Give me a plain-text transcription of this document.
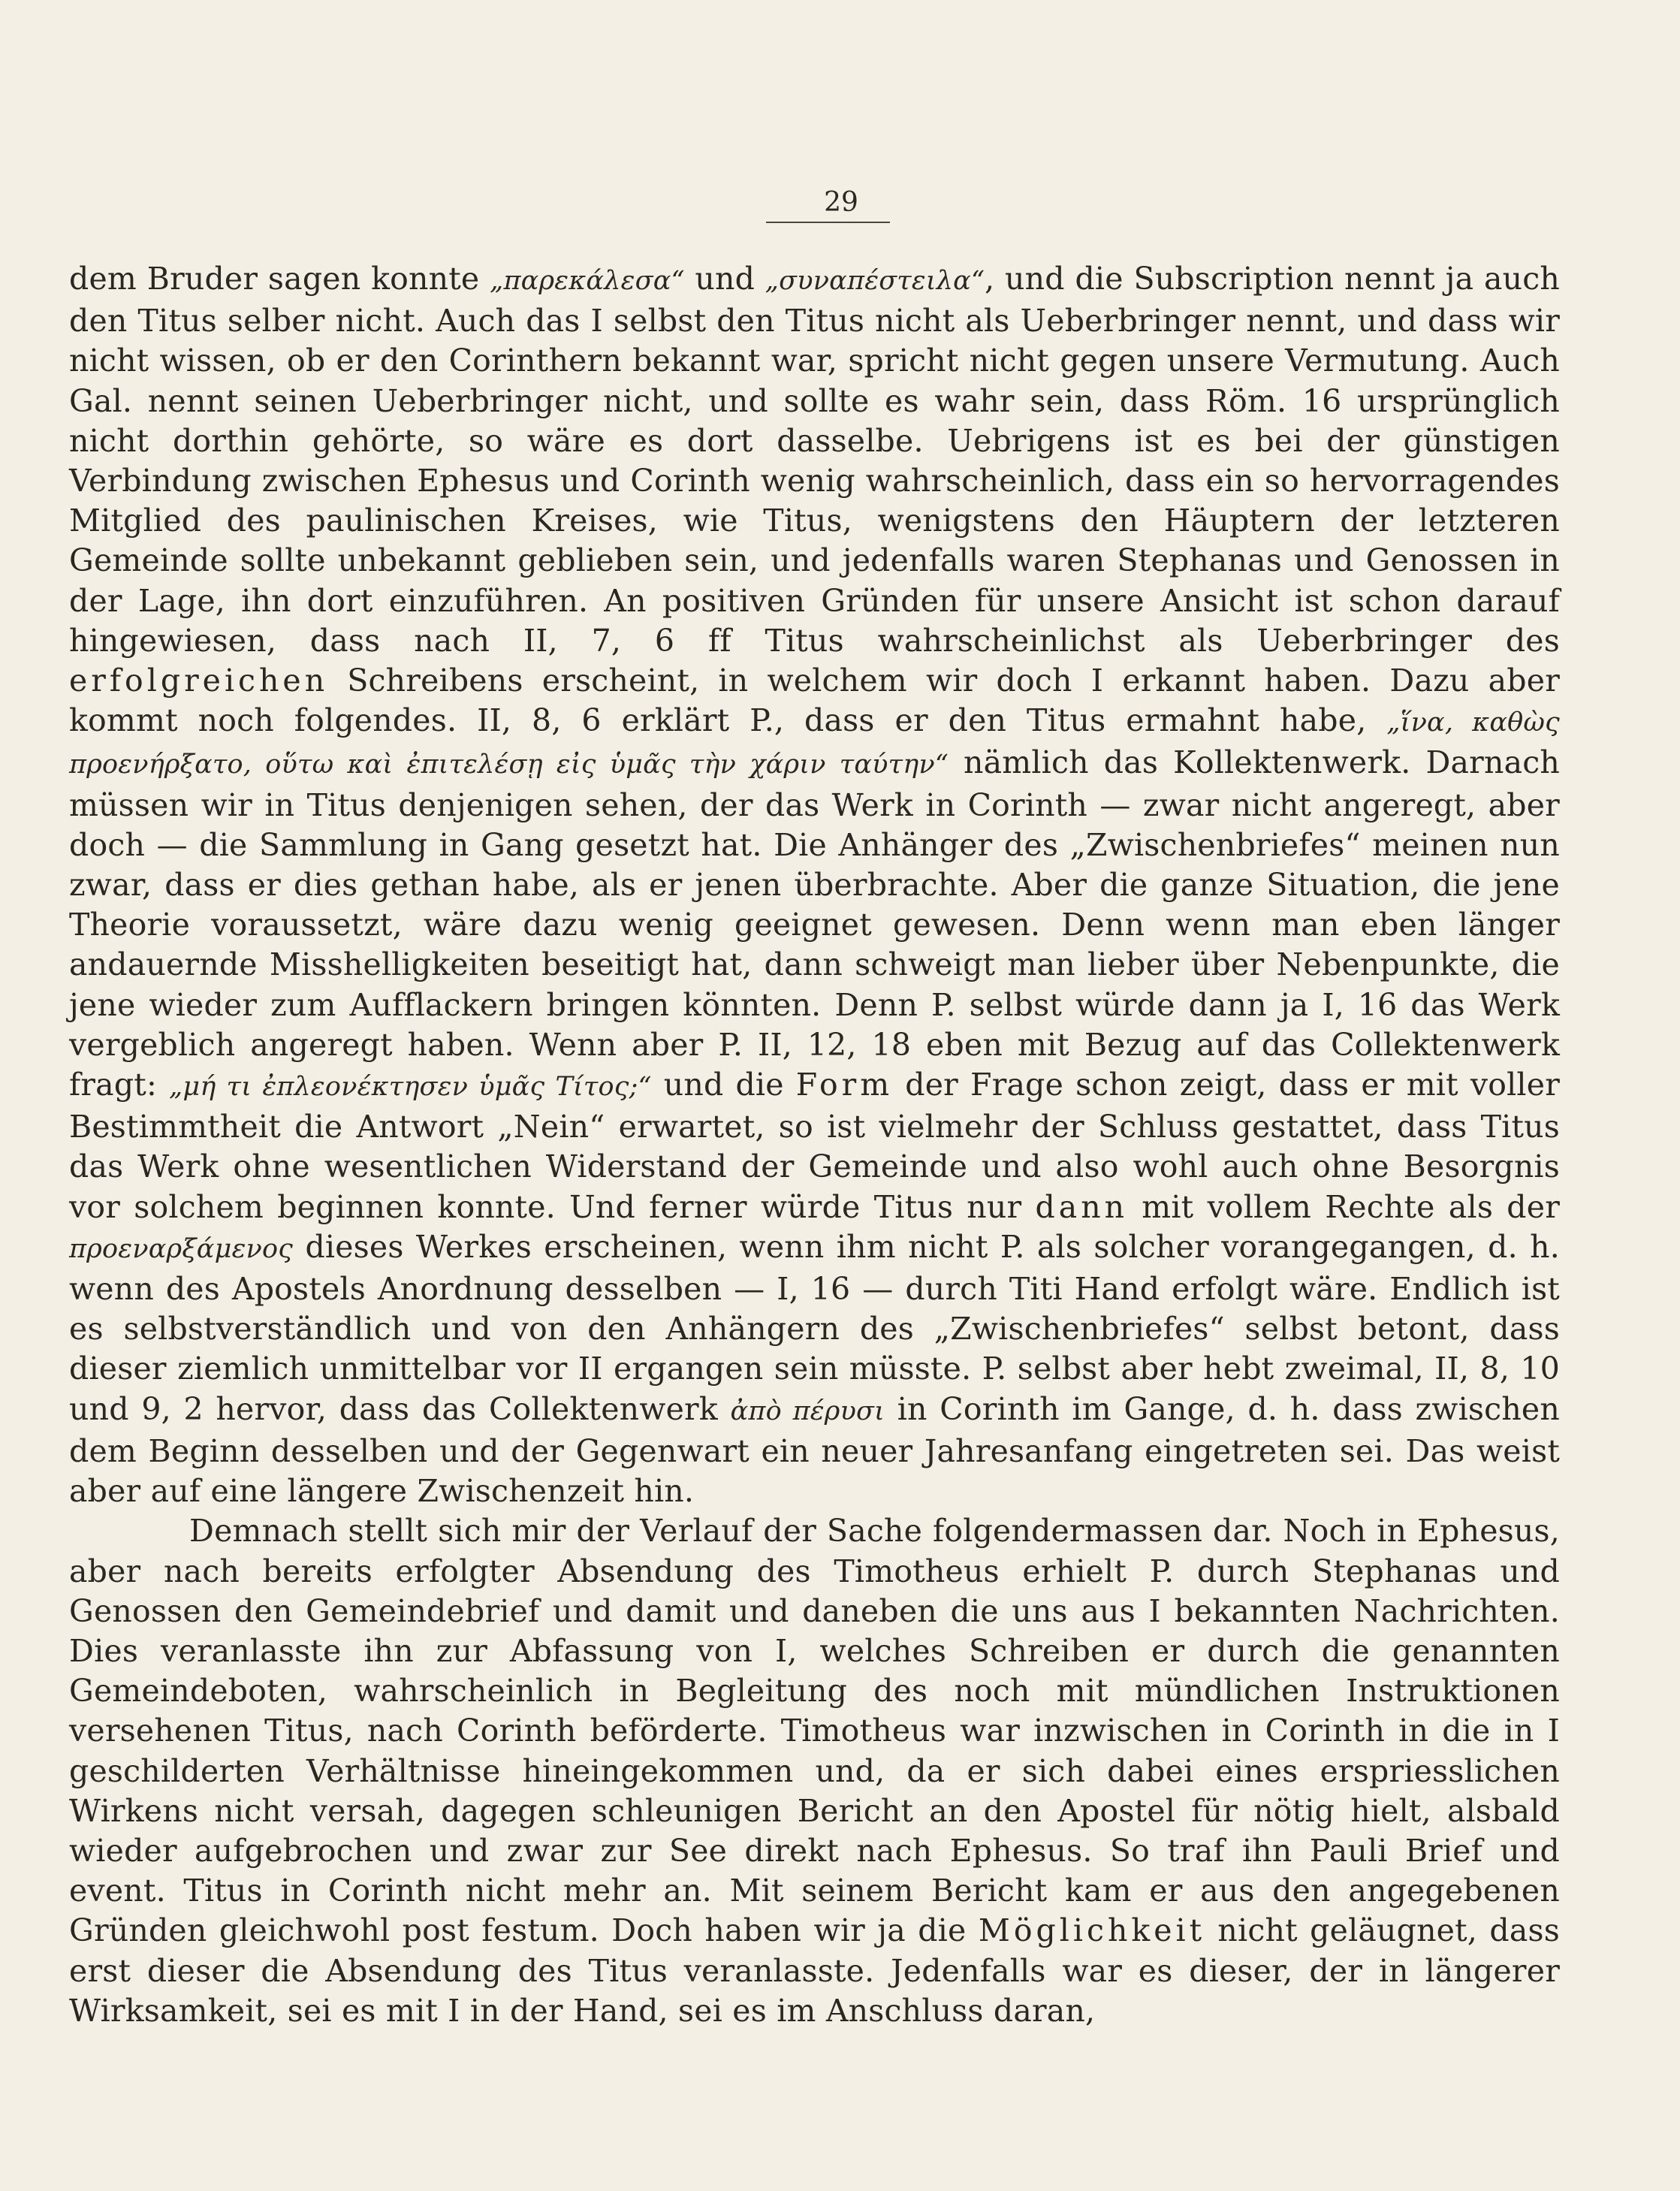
29

dem Bruder sagen konnte „παρεκάλεσα“ und „συναπέστειλα“, und die Subscription nennt ja auch den Titus selber nicht. Auch das I selbst den Titus nicht als Ueberbringer nennt, und dass wir nicht wissen, ob er den Corinthern bekannt war, spricht nicht gegen unsere Vermutung. Auch Gal. nennt seinen Ueberbringer nicht, und sollte es wahr sein, dass Röm. 16 ursprünglich nicht dorthin gehörte, so wäre es dort dasselbe. Uebrigens ist es bei der günstigen Verbindung zwischen Ephesus und Corinth wenig wahrscheinlich, dass ein so hervorragendes Mitglied des paulinischen Kreises, wie Titus, wenigstens den Häuptern der letzteren Gemeinde sollte unbekannt geblieben sein, und jedenfalls waren Stephanas und Genossen in der Lage, ihn dort einzuführen. An positiven Gründen für unsere Ansicht ist schon darauf hingewiesen, dass nach II, 7, 6 ff Titus wahrscheinlichst als Ueberbringer des erfolgreichen Schreibens erscheint, in welchem wir doch I erkannt haben. Dazu aber kommt noch folgendes. II, 8, 6 erklärt P., dass er den Titus ermahnt habe, „ἵνα, καθὼς προενήρξατο, οὕτω καὶ ἐπιτελέσῃ εἰς ὑμᾶς τὴν χάριν ταύτην“ nämlich das Kollektenwerk. Darnach müssen wir in Titus denjenigen sehen, der das Werk in Corinth — zwar nicht angeregt, aber doch — die Sammlung in Gang gesetzt hat. Die Anhänger des „Zwischenbriefes“ meinen nun zwar, dass er dies gethan habe, als er jenen überbrachte. Aber die ganze Situation, die jene Theorie voraussetzt, wäre dazu wenig geeignet gewesen. Denn wenn man eben länger andauernde Misshelligkeiten beseitigt hat, dann schweigt man lieber über Nebenpunkte, die jene wieder zum Aufflackern bringen könnten. Denn P. selbst würde dann ja I, 16 das Werk vergeblich angeregt haben. Wenn aber P. II, 12, 18 eben mit Bezug auf das Collektenwerk fragt: „μή τι ἐπλεονέκτησεν ὑμᾶς Τίτος;“ und die Form der Frage schon zeigt, dass er mit voller Bestimmtheit die Antwort „Nein“ erwartet, so ist vielmehr der Schluss gestattet, dass Titus das Werk ohne wesentlichen Widerstand der Gemeinde und also wohl auch ohne Besorgnis vor solchem beginnen konnte. Und ferner würde Titus nur dann mit vollem Rechte als der προεναρξάμενος dieses Werkes erscheinen, wenn ihm nicht P. als solcher vorangegangen, d. h. wenn des Apostels Anordnung desselben — I, 16 — durch Titi Hand erfolgt wäre. Endlich ist es selbstverständlich und von den Anhängern des „Zwischenbriefes“ selbst betont, dass dieser ziemlich unmittelbar vor II ergangen sein müsste. P. selbst aber hebt zweimal, II, 8, 10 und 9, 2 hervor, dass das Collektenwerk ἀπὸ πέρυσι in Corinth im Gange, d. h. dass zwischen dem Beginn desselben und der Gegenwart ein neuer Jahresanfang eingetreten sei. Das weist aber auf eine längere Zwischenzeit hin.

Demnach stellt sich mir der Verlauf der Sache folgendermassen dar. Noch in Ephesus, aber nach bereits erfolgter Absendung des Timotheus erhielt P. durch Stephanas und Genossen den Gemeindebrief und damit und daneben die uns aus I bekannten Nachrichten. Dies veranlasste ihn zur Abfassung von I, welches Schreiben er durch die genannten Gemeindeboten, wahrscheinlich in Begleitung des noch mit mündlichen Instruktionen versehenen Titus, nach Corinth beförderte. Timotheus war inzwischen in Corinth in die in I geschilderten Verhältnisse hineingekommen und, da er sich dabei eines erspriesslichen Wirkens nicht versah, dagegen schleunigen Bericht an den Apostel für nötig hielt, alsbald wieder aufgebrochen und zwar zur See direkt nach Ephesus. So traf ihn Pauli Brief und event. Titus in Corinth nicht mehr an. Mit seinem Bericht kam er aus den angegebenen Gründen gleichwohl post festum. Doch haben wir ja die Möglichkeit nicht geläugnet, dass erst dieser die Absendung des Titus veranlasste. Jedenfalls war es dieser, der in längerer Wirksamkeit, sei es mit I in der Hand, sei es im Anschluss daran,
